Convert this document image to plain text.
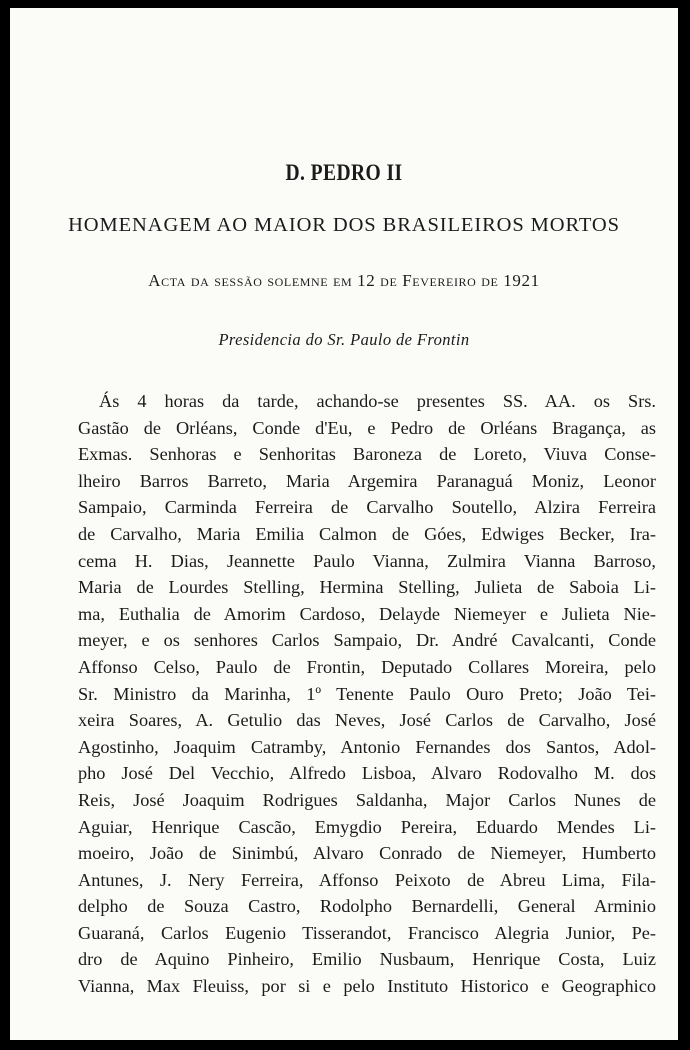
D. PEDRO II
HOMENAGEM AO MAIOR DOS BRASILEIROS MORTOS
Acta da sessão solemne em 12 de Fevereiro de 1921
Presidencia do Sr. Paulo de Frontin
Ás 4 horas da tarde, achando-se presentes SS. AA. os Srs.
Gastão de Orléans, Conde d'Eu, e Pedro de Orléans Bragança, as
Exmas. Senhoras e Senhoritas Baroneza de Loreto, Viuva Conse-
lheiro Barros Barreto, Maria Argemira Paranaguá Moniz, Leonor
Sampaio, Carminda Ferreira de Carvalho Soutello, Alzira Ferreira
de Carvalho, Maria Emilia Calmon de Góes, Edwiges Becker, Ira-
cema H. Dias, Jeannette Paulo Vianna, Zulmira Vianna Barroso,
Maria de Lourdes Stelling, Hermina Stelling, Julieta de Saboia Li-
ma, Euthalia de Amorim Cardoso, Delayde Niemeyer e Julieta Nie-
meyer, e os senhores Carlos Sampaio, Dr. André Cavalcanti, Conde
Affonso Celso, Paulo de Frontin, Deputado Collares Moreira, pelo
Sr. Ministro da Marinha, 1º Tenente Paulo Ouro Preto; João Tei-
xeira Soares, A. Getulio das Neves, José Carlos de Carvalho, José
Agostinho, Joaquim Catramby, Antonio Fernandes dos Santos, Adol-
pho José Del Vecchio, Alfredo Lisboa, Alvaro Rodovalho M. dos
Reis, José Joaquim Rodrigues Saldanha, Major Carlos Nunes de
Aguiar, Henrique Cascão, Emygdio Pereira, Eduardo Mendes Li-
moeiro, João de Sinimbú, Alvaro Conrado de Niemeyer, Humberto
Antunes, J. Nery Ferreira, Affonso Peixoto de Abreu Lima, Fila-
delpho de Souza Castro, Rodolpho Bernardelli, General Arminio
Guaraná, Carlos Eugenio Tisserandot, Francisco Alegria Junior, Pe-
dro de Aquino Pinheiro, Emilio Nusbaum, Henrique Costa, Luiz
Vianna, Max Fleuiss, por si e pelo Instituto Historico e Geographico
